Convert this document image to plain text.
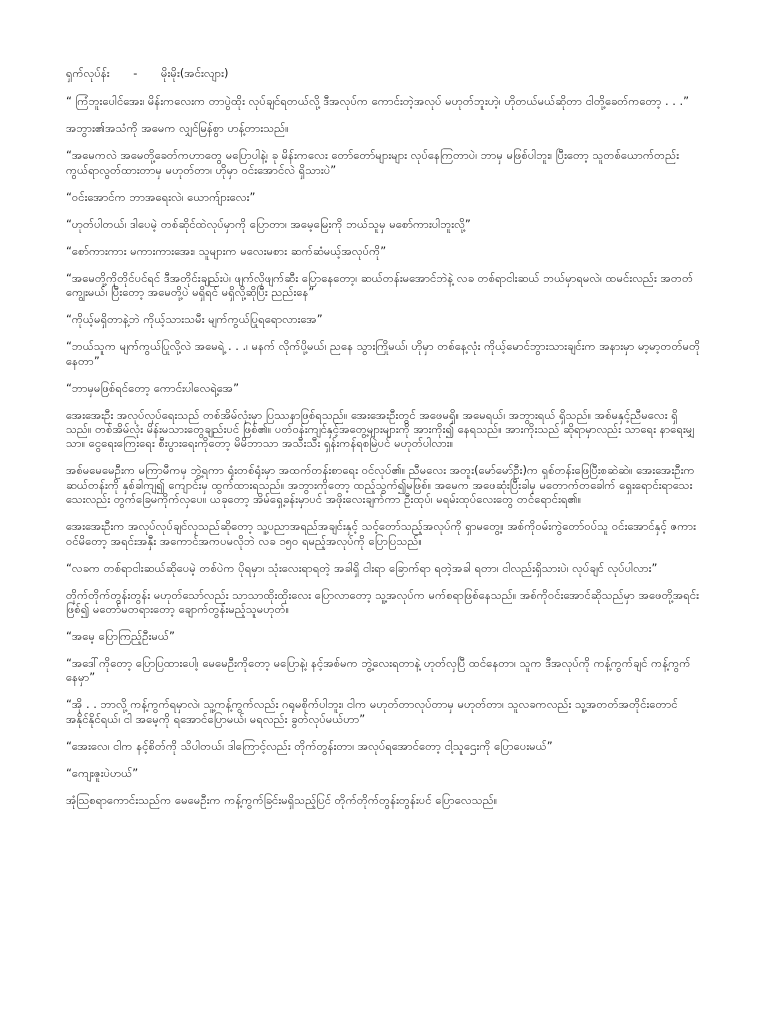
ရှက်လုပ်န်း - မိုးမိုး(အင်းလျား)

“ ကြံဘူးပေါင်အေး၊ မိန်းကလေးက တာပွဲထိုး လုပ်ချင်ရတယ်လို့ ဒီအလုပ်က ကောင်းတဲ့အလုပ် မဟုတ်ဘူးဟဲ့၊ ဟိုတယ်မယ်ဆိုတာ ငါတို့ခေတ်ကတော့ . . .”

အဘွား၏အသံကို အမေက လျှင်မြန်စွာ ဟန့်တားသည်။

“အမေကလဲ အမေတို့ခေတ်ကဟာတွေ မပြောပါနဲ့၊ ခု မိန်းကလေး တော်တော်များများ လုပ်နေကြတာပဲ၊ ဘာမှ မဖြစ်ပါဘူး၊ ပြီးတော့ သူတစ်ယောက်တည်း ကွယ်ရာလွတ်ထားတာမှ မဟုတ်တာ၊ ဟိုမှာ ဝင်းအောင်လဲ ရှိသားပဲ”

“ဝင်းအောင်က ဘာအရေးလဲ၊ ယောက်ျားလေး”

“ဟုတ်ပါတယ်၊ ဒါပေမဲ့ တစ်ဆိုင်ထဲလုပ်မှာကို ပြောတာ၊ အမေ့မြေးကို ဘယ်သူမှ မစော်ကားပါဘူးလို့”

“စော်ကားကား မကားကားအေး၊ သူများက မလေးမစား ဆက်ဆံမယ့်အလုပ်ကို”

“အမေတို့ကိုတိုင်ပင်ရင် ဒီအတိုင်းချည်းပဲ၊ ဖျက်လိုဖျက်ဆီး ပြောနေတော့၊ ဆယ်တန်းမအောင်ဘဲနဲ့ လခ တစ်ရာငါးဆယ် ဘယ်မှာရမလဲ၊ ထမင်းလည်း အတတ်ကျွေးမယ်၊ ပြီးတော့ အမေတို့ပဲ မရှိရင် မရှိလို့ဆိုပြီး ညည်းနေ”

“ကိုယ့်မရှိတာနဲ့ဘဲ ကိုယ့်သားသမီး မျက်ကွယ်ပြုရရောလားအေ”

“ဘယ်သူက မျက်ကွယ်ပြုလို့လဲ အမေရဲ့ . . .၊ မနက် လိုက်ပို့မယ်၊ ညနေ သွားကြိုမယ်၊ ဟိုမှာ တစ်နေ့လုံး ကိုယ့်မောင်ဘွားသားချင်းက အနားမှာ မာ့မာ့တတ်မတိုနေတာ”

“ဘာမှမဖြစ်ရင်တော့ ကောင်းပါလေရဲ့အေ”

အေးအေးဦး အလုပ်လုပ်ရေးသည် တစ်အိမ်လုံးမှာ ပြဿနာဖြစ်ရသည်။ အေးအေးဦးတွင် အဖေမရှိ။ အမေရယ်၊ အဘွားရယ် ရှိသည်။ အစ်မနှင့်ညီမလေး ရှိသည်။ တစ်အိမ်လုံး မိန်းမသားတွေချည်းပင် ဖြစ်၏။ ပတ်ဝန်းကျင်နှင့်အတွေ့များများကို အားကိုး၍ နေရသည်။ အားကိုးသည် ဆိုရာမှာလည်း သာရေး နာရေးမျှသာ။ ငွေရေးကြေးရေး စီးပွားရေးကိုတော့ မိမိဘာသာ အသီးသီး ရှန်းကန်ရစမြဲပင် မဟုတ်ပါလား။

အစ်မမေမေဦးက မကြာမီကမှ ဘွဲ့ရကာ ရုံးတစ်ရုံးမှာ အထက်တန်းစာရေး ဝင်လုပ်၏။ ညီမလေး အတူး(မော်မော်ဦး)က ရှစ်တန်းဖြေပြီးစဆဲဆဲ။ အေးအေးဦးက ဆယ်တန်းကို နှစ်ခါကျ၍ ကျောင်းမှ ထွက်ထားရသည်။ အဘွားကိုတော့ ထည့်သွက်၍မဖြစ်။ အမေက အဖေဆုံးပြီးခါမှ မတောက်တခေါက် ရှေးရောင်းရာသေးသေးလည်း တွက်ခြေမကိုက်လှပေ။ ယခုတော့ အိမ်ရှေ့ခန်းမှာပင် အဖိုးလေးချက်ကာ ဦးထုပ်၊ မရမ်းထုပ်လေးတွေ တင်ရောင်းရ၏။

အေးအေးဦးက အလုပ်လုပ်ချင်လှသည်ဆိုတော့ သူ့ပညာအရည်အချင်းနှင့် သင့်တော်သည့်အလုပ်ကို ရှာမတွေ့။ အစ်ကိုဝမ်းကွဲတော်ဝပ်သူ ဝင်းအောင်နှင့် ဇကားဝင်မိတော့ အရင်းအနှီး အကောင်အကပမလိုဘဲ လခ ၁၅၀ ရမည့်အလုပ်ကို ပြောပြသည်။

“လခက တစ်ရာငါးဆယ်ဆိုပေမဲ့ တစ်ပဲက ပိုရမှာ၊ သုံးလေးရာရတဲ့ အခါရှိ ငါးရာ ခြောက်ရာ ရတဲ့အခါ ရတာ၊ ငါလည်းရှိသားပဲ၊ လုပ်ချင် လုပ်ပါလား”

တိုက်တိုက်တွန်းတွန်း မဟုတ်သော်လည်း သာသာထိုးထိုးလေး ပြောလာတော့ သူ့အလုပ်က မက်စရာဖြစ်နေသည်။ အစ်ကိုဝင်းအောင်ဆိုသည်မှာ အဖေတို့အရင်းဖြစ်၍ မတော်မတရားတော့ ချောက်တွန်းမည့်သူမဟုတ်။

“အမေ့ ပြောကြည့်ဦးမယ်”

“အဒေါ်ကိုတော့ ပြောပြထားပေါ့၊ မေမေဦးကိုတော့ မပြောနဲ့၊ နင့်အစ်မက ဘွဲ့လေးရတာနဲ့ ဟုတ်လှပြီ ထင်နေတာ၊ သူက ဒီအလုပ်ကို ကန့်ကွက်ချင် ကန့်ကွက်နေမှာ”

“အို . . ဘာလို့ ကန့်ကွက်ရမှာလဲ၊ သူ့ကန့်ကွက်လည်း ဂရုမစိုက်ပါဘူး၊ ငါက မဟုတ်တာလုပ်တာမှ မဟုတ်တာ၊ သူလခကလည်း သူ့အတတ်အတိုင်းတောင် အနိုင်နိုင်ရယ်၊ ငါ အမေ့ကို ရအောင်ပြောမယ်၊ မရလည်း ခွတ်လုပ်မယ်ဟာ”

“အေးလေ၊ ငါက နင့်စိတ်ကို သိပါတယ်၊ ဒါကြောင့်လည်း တိုက်တွန်းတာ၊ အလုပ်ရအောင်တော့ ငါ့သူဌေးကို ပြောပေးမယ်”

“ကျေးဇူးပဲဟယ်”

အုံသြစရာကောင်းသည်က မေမေဦးက ကန့်ကွက်ခြင်းမရှိသည့်ပြင် တိုက်တိုက်တွန်းတွန်းပင် ပြောလေသည်။
